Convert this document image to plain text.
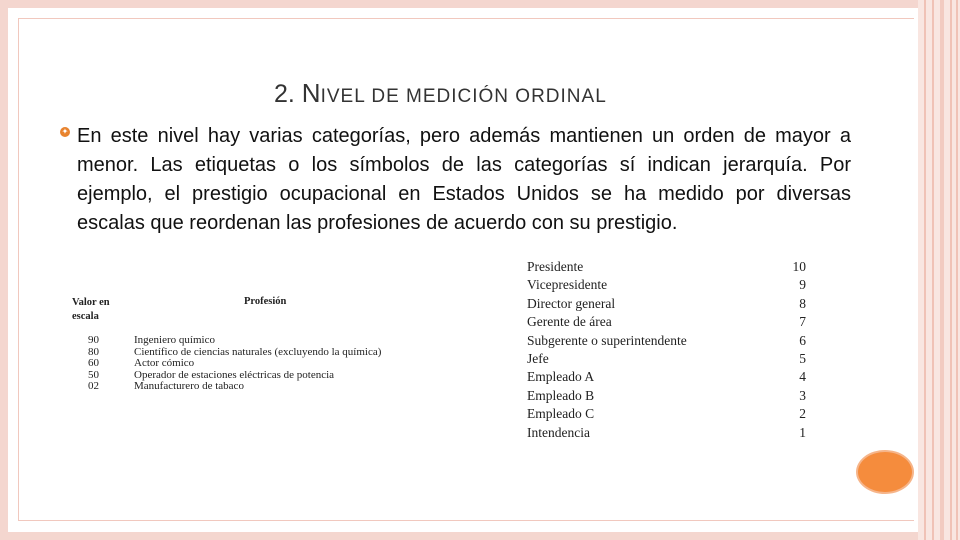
2. NIVEL DE MEDICIÓN ORDINAL
✦ En este nivel hay varias categorías, pero además mantienen un orden de mayor a menor. Las etiquetas o los símbolos de las categorías sí indican jerarquía. Por ejemplo, el prestigio ocupacional en Estados Unidos se ha medido por diversas escalas que reordenan las profesiones de acuerdo con su prestigio.
Valor en escala
Profesión
90	Ingeniero químico
80	Científico de ciencias naturales (excluyendo la química)
60	Actor cómico
50	Operador de estaciones eléctricas de potencia
02	Manufacturero de tabaco
Presidente	10
Vicepresidente	9
Director general	8
Gerente de área	7
Subgerente o superintendente	6
Jefe	5
Empleado A	4
Empleado B	3
Empleado C	2
Intendencia	1
